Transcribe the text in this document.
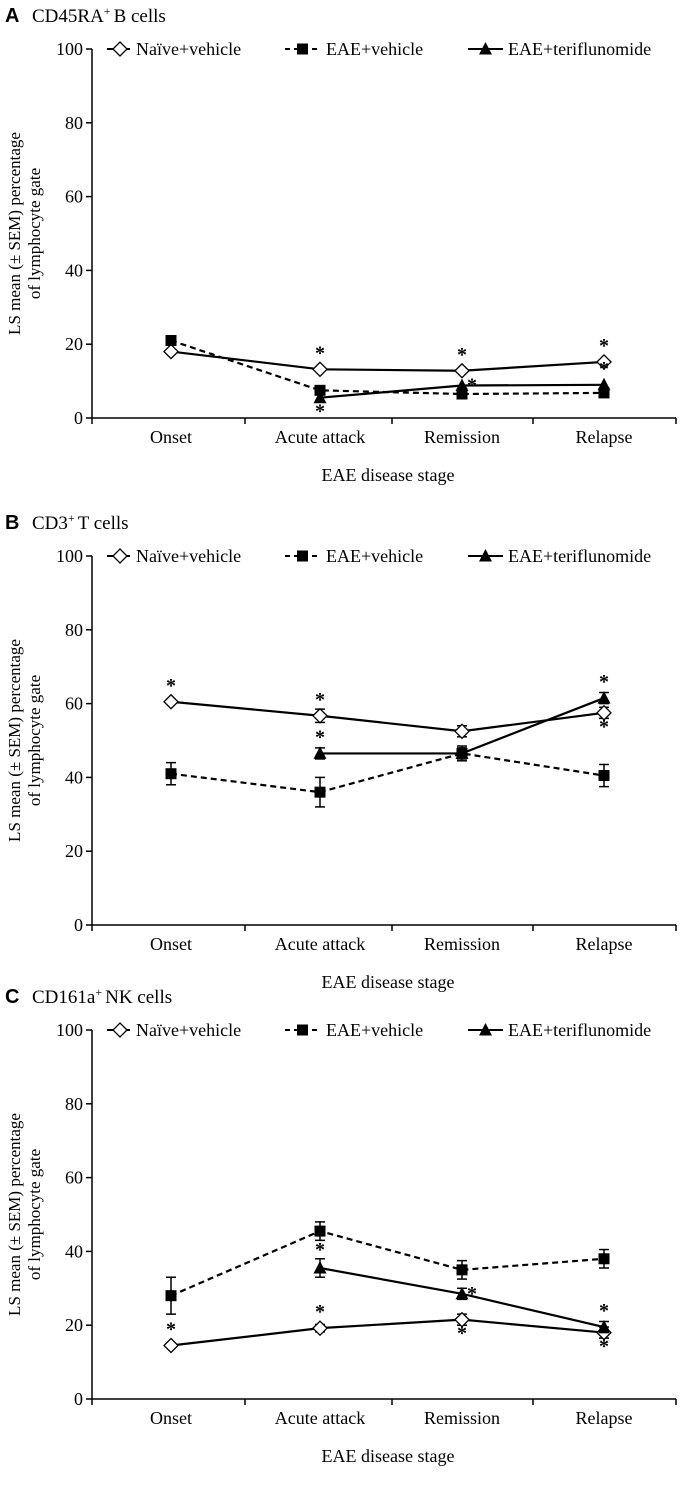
A CD45RA+ B cells
0
20
40
60
80
100
Onset	Acute attack	Remission	Relapse
EAE disease stage
LS mean (± SEM) percentage of lymphocyte gate
Naïve+vehicle	EAE+vehicle	EAE+teriflunomide
*	*	*
*
*
*
B CD3+ T cells
0
20
40
60
80
100
Onset	Acute attack	Remission	Relapse
EAE disease stage
LS mean (± SEM) percentage of lymphocyte gate
Naïve+vehicle	EAE+vehicle	EAE+teriflunomide
*
*
*
*
*
C CD161a+ NK cells
0
20
40
60
80
100
Onset	Acute attack	Remission	Relapse
EAE disease stage
LS mean (± SEM) percentage of lymphocyte gate
Naïve+vehicle	EAE+vehicle	EAE+teriflunomide
*
*
*
*
*
*
*
